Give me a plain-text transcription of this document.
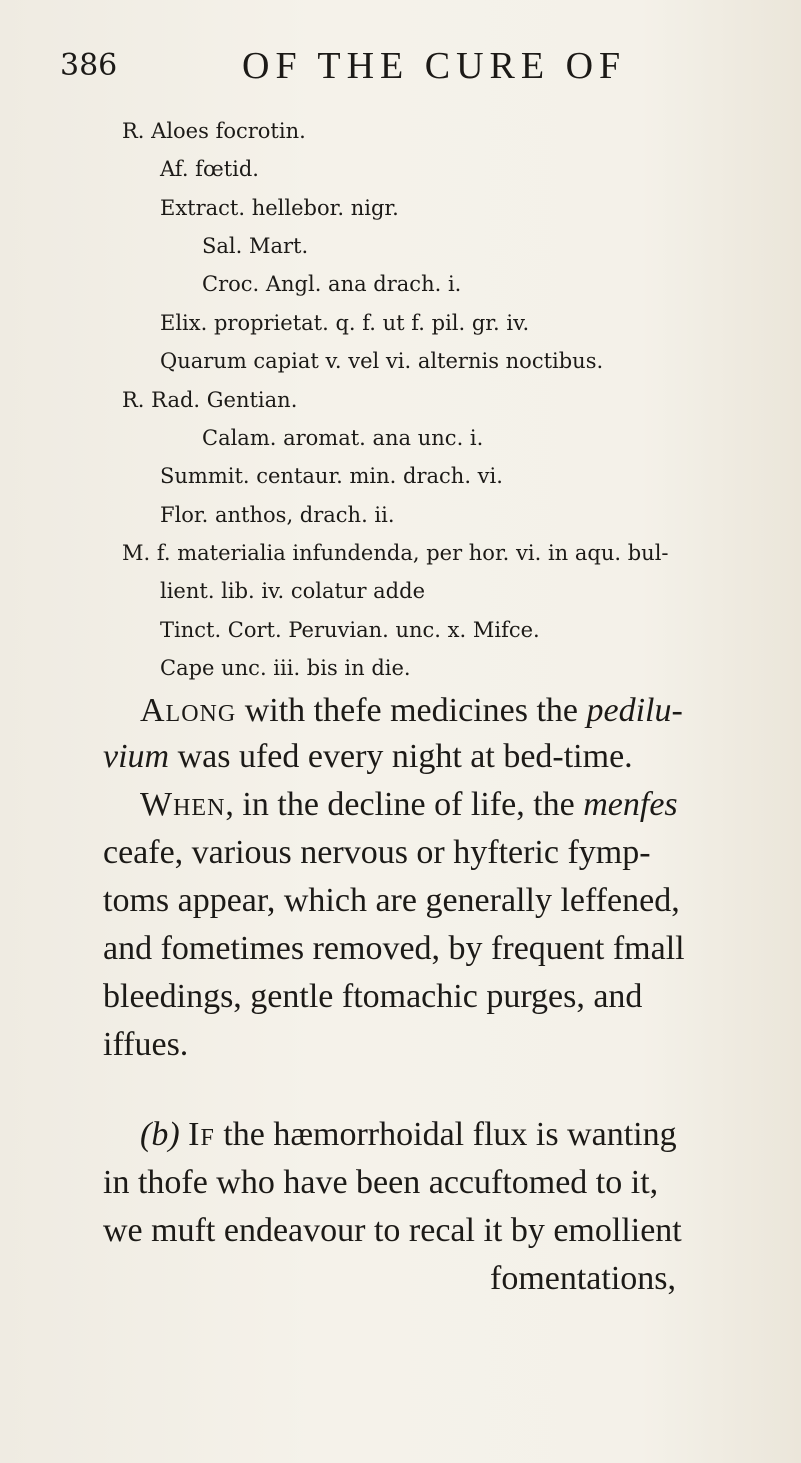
386	OF THE CURE OF
R. Aloes focrotin.
Af. fœtid.
Extract. hellebor. nigr.
Sal. Mart.
Croc. Angl. ana drach. i.
Elix. proprietat. q. f. ut f. pil. gr. iv.
Quarum capiat v. vel vi. alternis noctibus.
R. Rad. Gentian.
Calam. aromat. ana unc. i.
Summit. centaur. min. drach. vi.
Flor. anthos, drach. ii.
M. f. materialia infundenda, per hor. vi. in aqu. bul-
lient. lib. iv. colatur adde
Tinct. Cort. Peruvian. unc. x. Mifce.
Cape unc. iii. bis in die.
Along with thefe medicines the pedilu-
vium was ufed every night at bed-time.
When, in the decline of life, the menfes
ceafe, various nervous or hyfteric fymp-
toms appear, which are generally leffened,
and fometimes removed, by frequent fmall
bleedings, gentle ftomachic purges, and
iffues.
(b) If the hæmorrhoidal flux is wanting
in thofe who have been accuftomed to it,
we muft endeavour to recal it by emollient
fomentations,
